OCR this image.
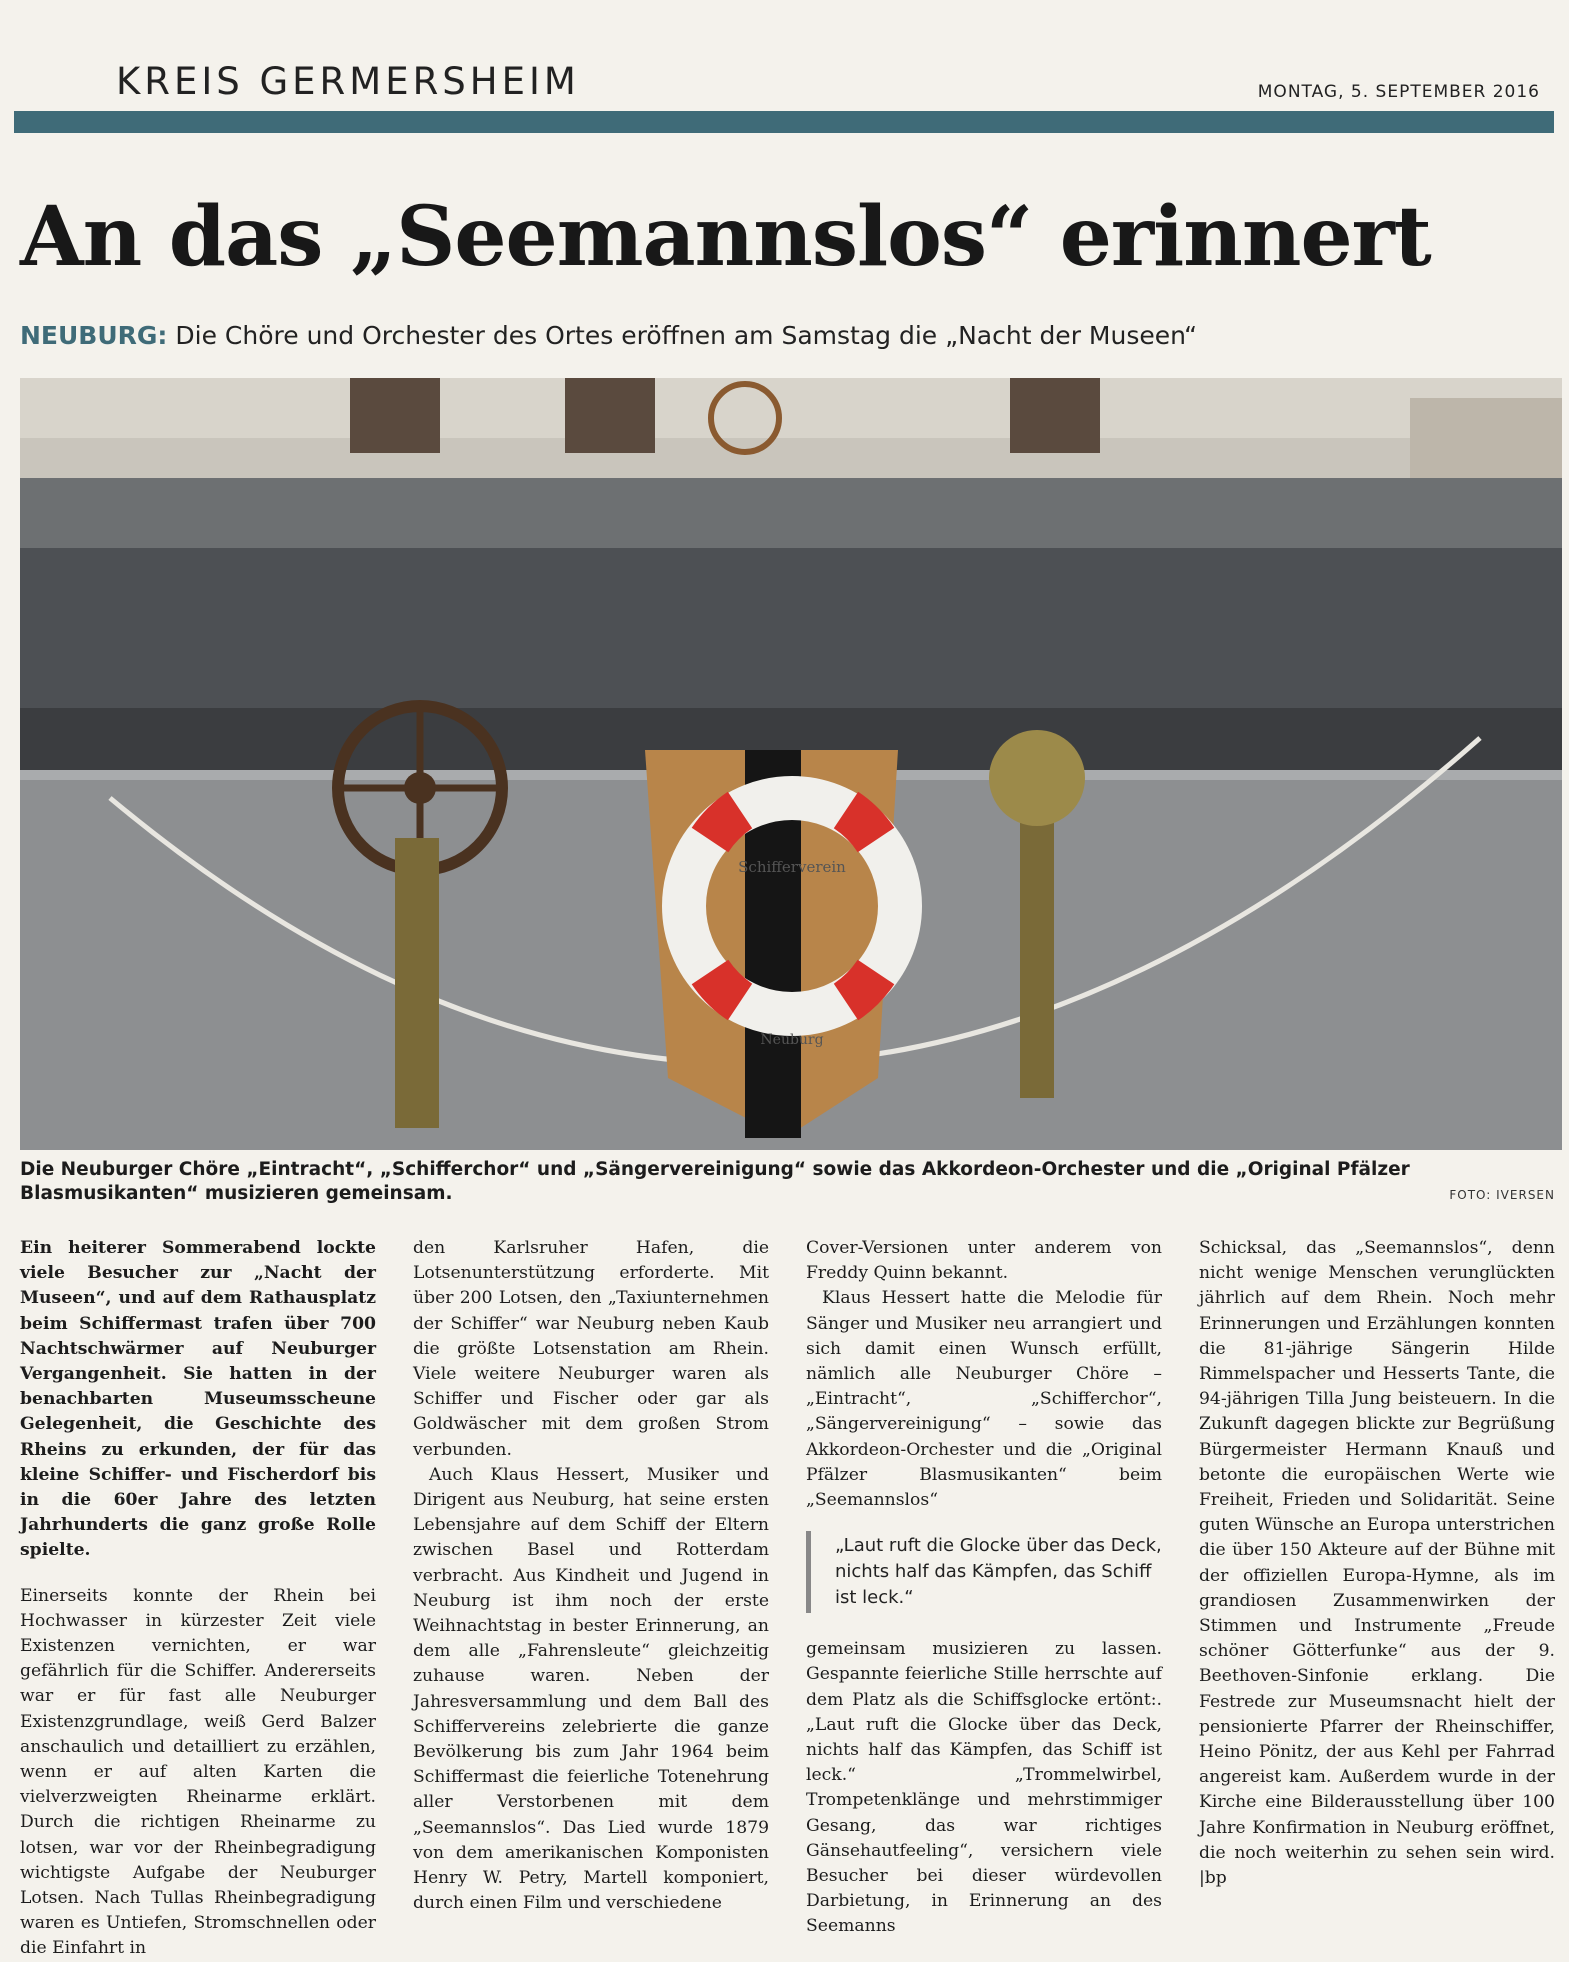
KREIS GERMERSHEIM	MONTAG, 5. SEPTEMBER 2016
An das „Seemannslos“ erinnert
NEUBURG: Die Chöre und Orchester des Ortes eröffnen am Samstag die „Nacht der Museen“
Schifferverein
Neuburg
Die Neuburger Chöre „Eintracht“, „Schifferchor“ und „Sängervereinigung“ sowie das Akkordeon-Orchester und die „Original Pfälzer Blasmusikanten“ musizieren gemeinsam.	FOTO: IVERSEN

Ein heiterer Sommerabend lockte viele Besucher zur „Nacht der Museen“, und auf dem Rathausplatz beim Schiffermast trafen über 700 Nachtschwärmer auf Neuburger Vergangenheit. Sie hatten in der benachbarten Museumsscheune Gelegenheit, die Geschichte des Rheins zu erkunden, der für das kleine Schiffer- und Fischerdorf bis in die 60er Jahre des letzten Jahrhunderts die ganz große Rolle spielte.

Einerseits konnte der Rhein bei Hochwasser in kürzester Zeit viele Existenzen vernichten, er war gefährlich für die Schiffer. Andererseits war er für fast alle Neuburger Existenzgrundlage, weiß Gerd Balzer anschaulich und detailliert zu erzählen, wenn er auf alten Karten die vielverzweigten Rheinarme erklärt. Durch die richtigen Rheinarme zu lotsen, war vor der Rheinbegradigung wichtigste Aufgabe der Neuburger Lotsen. Nach Tullas Rheinbegradigung waren es Untiefen, Stromschnellen oder die Einfahrt in

den Karlsruher Hafen, die Lotsenunterstützung erforderte. Mit über 200 Lotsen, den „Taxiunternehmen der Schiffer“ war Neuburg neben Kaub die größte Lotsenstation am Rhein. Viele weitere Neuburger waren als Schiffer und Fischer oder gar als Goldwäscher mit dem großen Strom verbunden.

Auch Klaus Hessert, Musiker und Dirigent aus Neuburg, hat seine ersten Lebensjahre auf dem Schiff der Eltern zwischen Basel und Rotterdam verbracht. Aus Kindheit und Jugend in Neuburg ist ihm noch der erste Weihnachtstag in bester Erinnerung, an dem alle „Fahrensleute“ gleichzeitig zuhause waren. Neben der Jahresversammlung und dem Ball des Schiffervereins zelebrierte die ganze Bevölkerung bis zum Jahr 1964 beim Schiffermast die feierliche Totenehrung aller Verstorbenen mit dem „Seemannslos“. Das Lied wurde 1879 von dem amerikanischen Komponisten Henry W. Petry, Martell komponiert, durch einen Film und verschiedene

Cover-Versionen unter anderem von Freddy Quinn bekannt.

Klaus Hessert hatte die Melodie für Sänger und Musiker neu arrangiert und sich damit einen Wunsch erfüllt, nämlich alle Neuburger Chöre – „Eintracht“, „Schifferchor“, „Sängervereinigung“ – sowie das Akkordeon-Orchester und die „Original Pfälzer Blasmusikanten“ beim „Seemannslos“

„Laut ruft die Glocke über das Deck, nichts half das Kämpfen, das Schiff ist leck.“

gemeinsam musizieren zu lassen. Gespannte feierliche Stille herrschte auf dem Platz als die Schiffsglocke ertönt:. „Laut ruft die Glocke über das Deck, nichts half das Kämpfen, das Schiff ist leck.“ „Trommelwirbel, Trompetenklänge und mehrstimmiger Gesang, das war richtiges Gänsehautfeeling“, versichern viele Besucher bei dieser würdevollen Darbietung, in Erinnerung an des Seemanns

Schicksal, das „Seemannslos“, denn nicht wenige Menschen verunglückten jährlich auf dem Rhein. Noch mehr Erinnerungen und Erzählungen konnten die 81-jährige Sängerin Hilde Rimmelspacher und Hesserts Tante, die 94-jährigen Tilla Jung beisteuern. In die Zukunft dagegen blickte zur Begrüßung Bürgermeister Hermann Knauß und betonte die europäischen Werte wie Freiheit, Frieden und Solidarität. Seine guten Wünsche an Europa unterstrichen die über 150 Akteure auf der Bühne mit der offiziellen Europa-Hymne, als im grandiosen Zusammenwirken der Stimmen und Instrumente „Freude schöner Götterfunke“ aus der 9. Beethoven-Sinfonie erklang. Die Festrede zur Museumsnacht hielt der pensionierte Pfarrer der Rheinschiffer, Heino Pönitz, der aus Kehl per Fahrrad angereist kam. Außerdem wurde in der Kirche eine Bilderausstellung über 100 Jahre Konfirmation in Neuburg eröffnet, die noch weiterhin zu sehen sein wird. |bp
